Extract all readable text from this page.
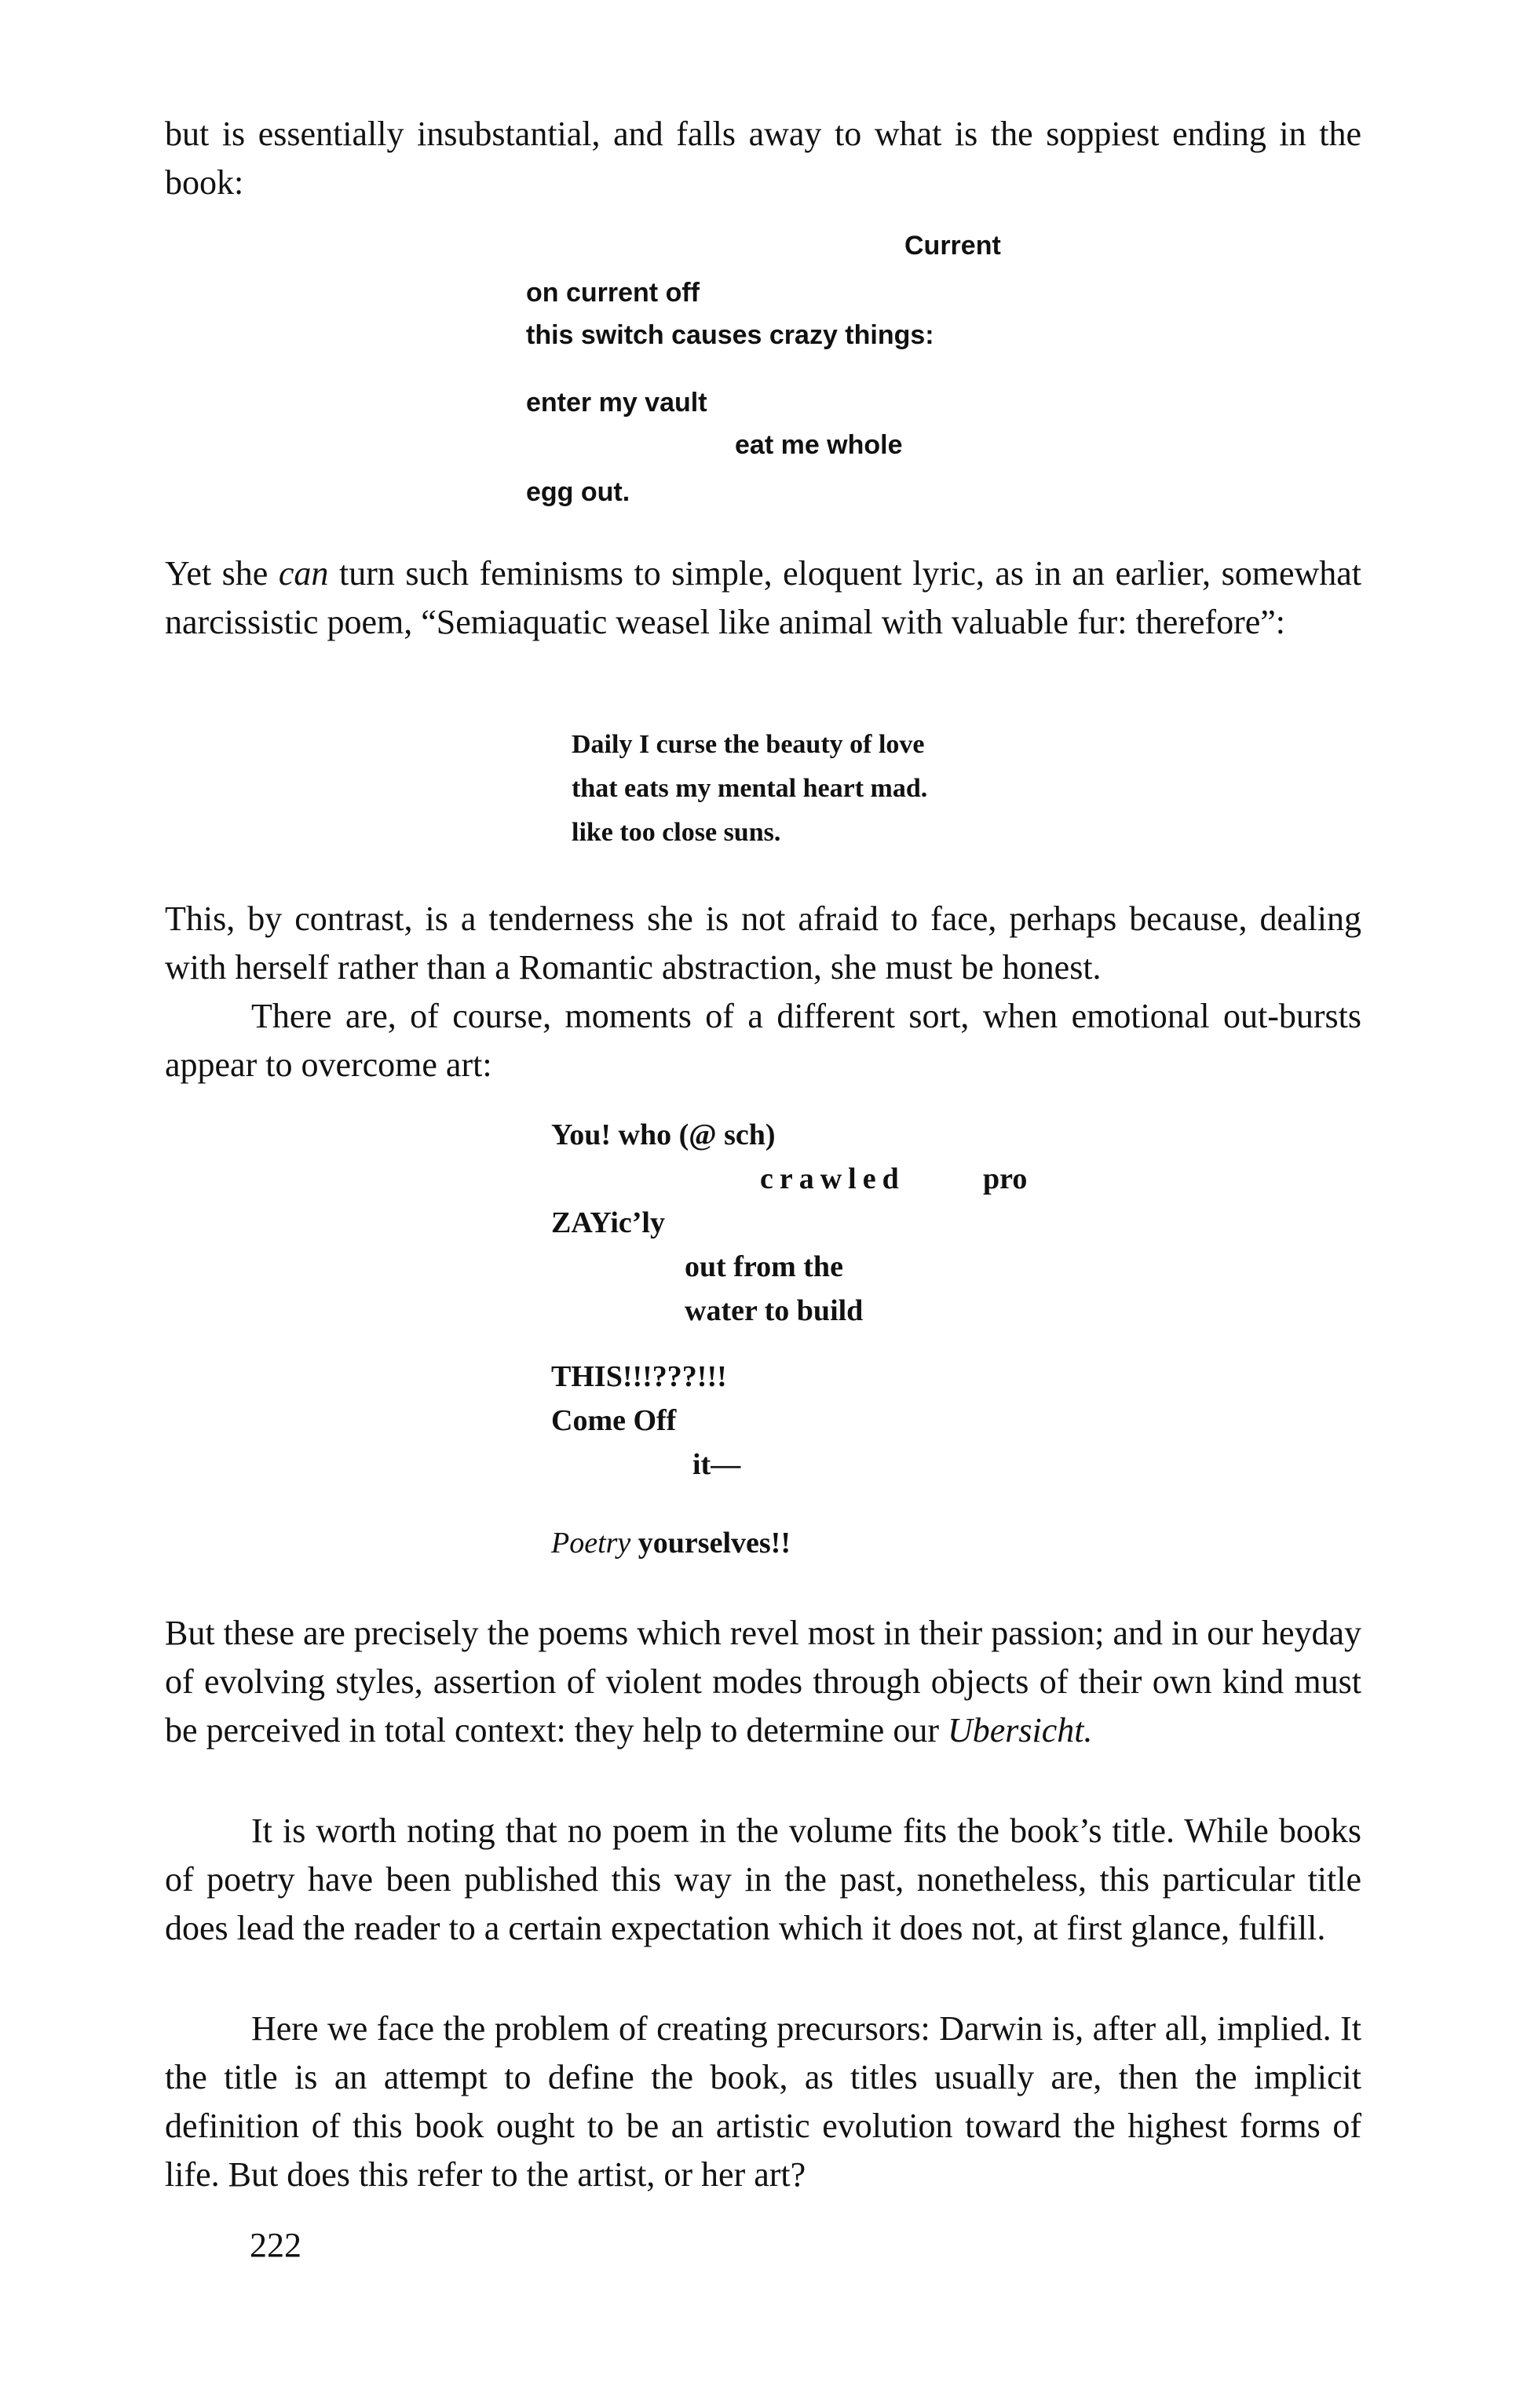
but is essentially insubstantial, and falls away to what is the soppiest ending in the book:

Current
on current off
this switch causes crazy things:
enter my vault
eat me whole
egg out.

Yet she can turn such feminisms to simple, eloquent lyric, as in an earlier, somewhat narcissistic poem, “Semiaquatic weasel like animal with valuable fur: therefore”:

Daily I curse the beauty of love
that eats my mental heart mad.
like too close suns.

This, by contrast, is a tenderness she is not afraid to face, perhaps because, dealing with herself rather than a Romantic abstraction, she must be honest.

There are, of course, moments of a different sort, when emotional out-bursts appear to overcome art:

You! who (@ sch)
crawled	pro
ZAYic’ly
out from the
water to build
THIS!!!???!!!
Come Off
it—
Poetry yourselves!!

But these are precisely the poems which revel most in their passion; and in our heyday of evolving styles, assertion of violent modes through objects of their own kind must be perceived in total context: they help to determine our Ubersicht.

It is worth noting that no poem in the volume fits the book’s title. While books of poetry have been published this way in the past, nonetheless, this particular title does lead the reader to a certain expectation which it does not, at first glance, fulfill.

Here we face the problem of creating precursors: Darwin is, after all, implied. It the title is an attempt to define the book, as titles usually are, then the implicit definition of this book ought to be an artistic evolution toward the highest forms of life. But does this refer to the artist, or her art?

222
